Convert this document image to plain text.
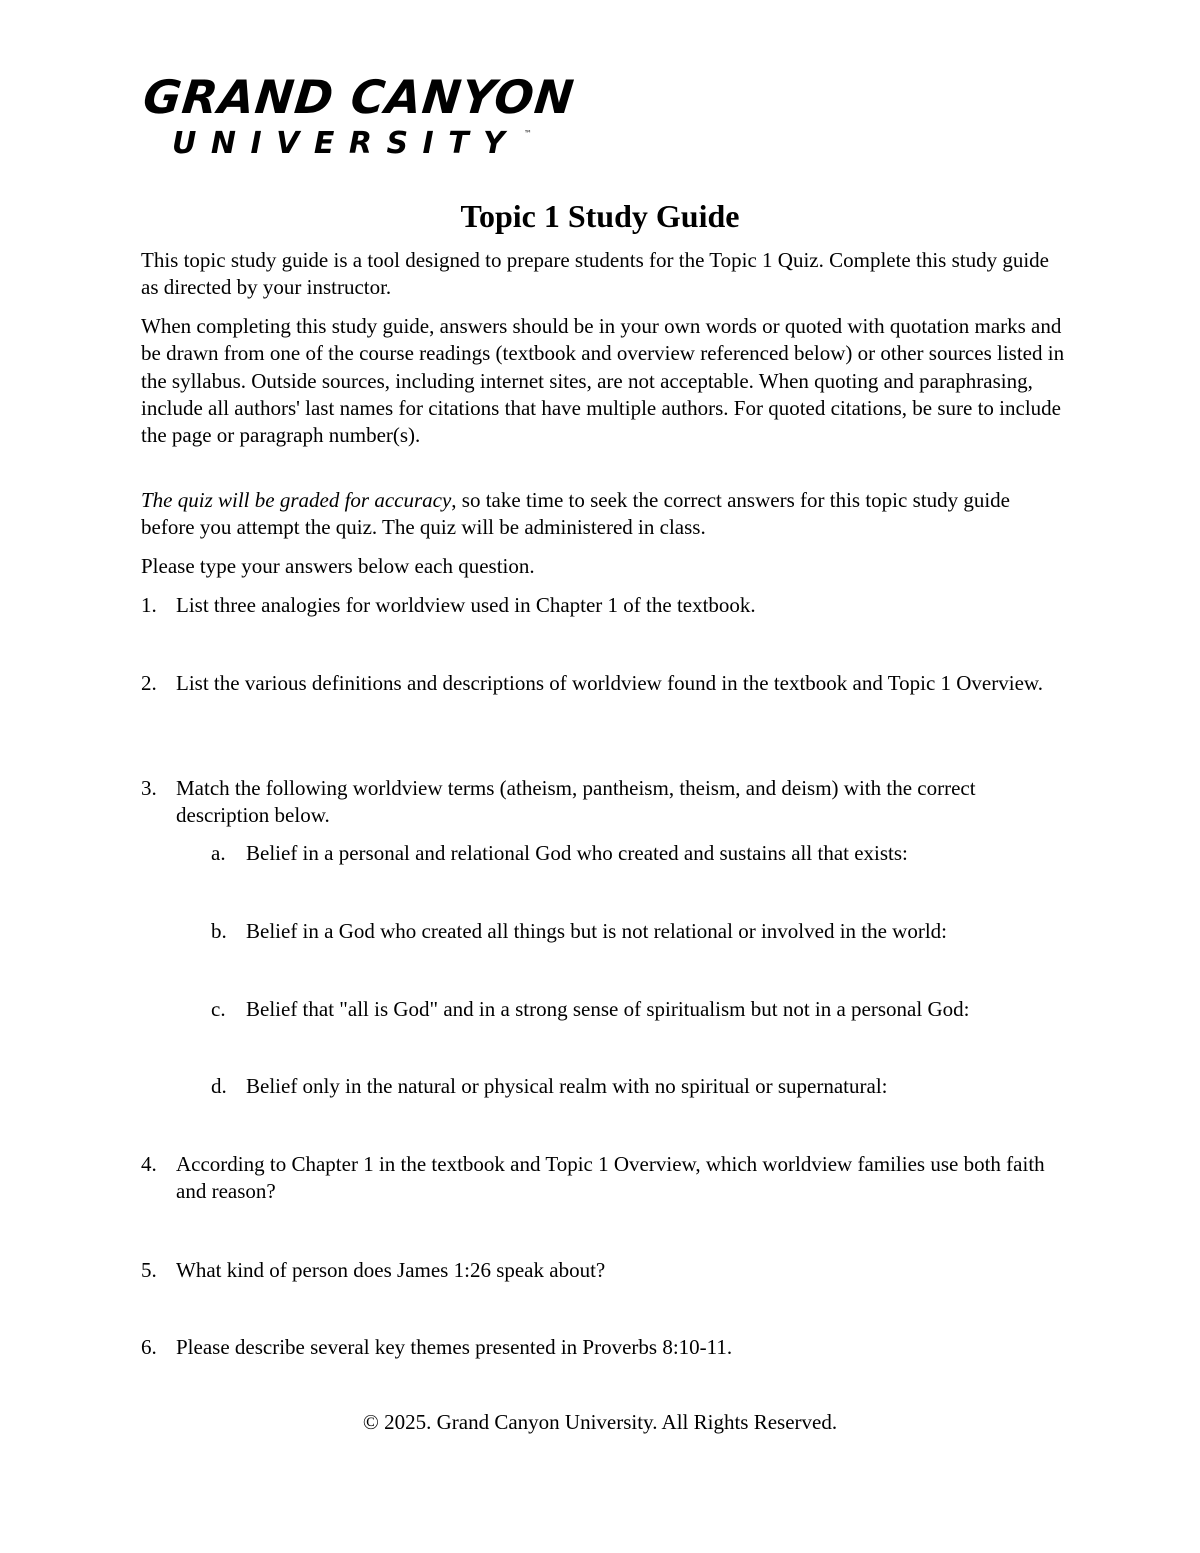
GRAND CANYON
UNIVERSITY ™
Topic 1 Study Guide

This topic study guide is a tool designed to prepare students for the Topic 1 Quiz. Complete this study guide as directed by your instructor.

When completing this study guide, answers should be in your own words or quoted with quotation marks and be drawn from one of the course readings (textbook and overview referenced below) or other sources listed in the syllabus. Outside sources, including internet sites, are not acceptable. When quoting and paraphrasing, include all authors' last names for citations that have multiple authors. For quoted citations, be sure to include the page or paragraph number(s).

The quiz will be graded for accuracy, so take time to seek the correct answers for this topic study guide before you attempt the quiz. The quiz will be administered in class.

Please type your answers below each question.

1. List three analogies for worldview used in Chapter 1 of the textbook.
2. List the various definitions and descriptions of worldview found in the textbook and Topic 1 Overview.
3. Match the following worldview terms (atheism, pantheism, theism, and deism) with the correct description below.
a. Belief in a personal and relational God who created and sustains all that exists:
b. Belief in a God who created all things but is not relational or involved in the world:
c. Belief that "all is God" and in a strong sense of spiritualism but not in a personal God:
d. Belief only in the natural or physical realm with no spiritual or supernatural:
4. According to Chapter 1 in the textbook and Topic 1 Overview, which worldview families use both faith and reason?
5. What kind of person does James 1:26 speak about?
6. Please describe several key themes presented in Proverbs 8:10-11.
© 2025. Grand Canyon University. All Rights Reserved.
